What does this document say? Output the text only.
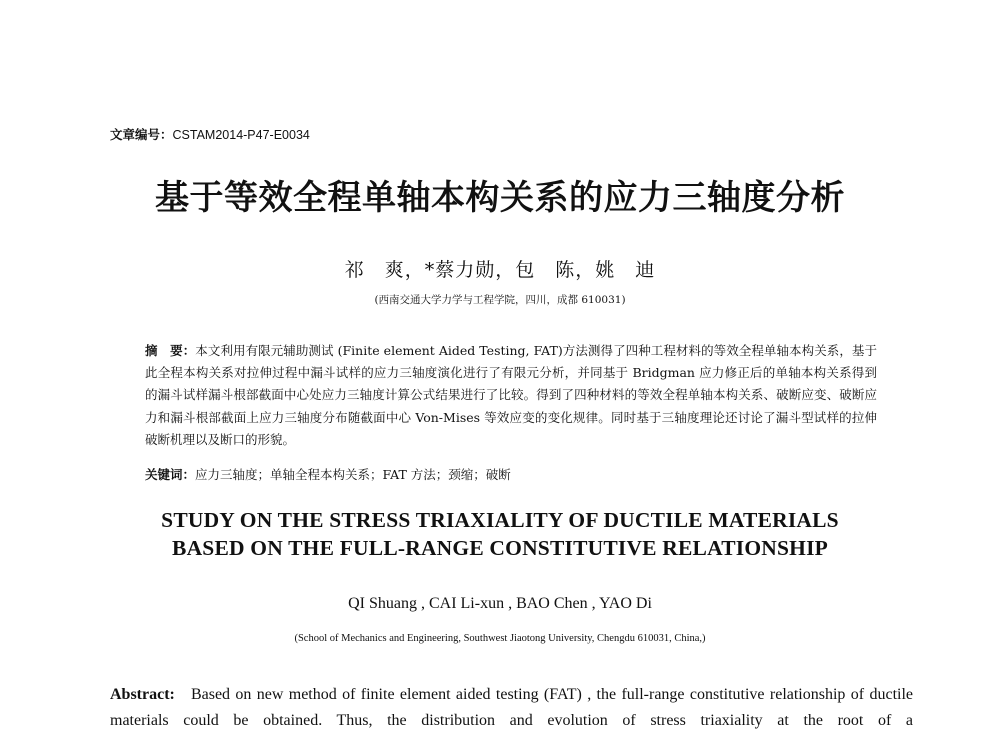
文章编号：CSTAM2014-P47-E0034
基于等效全程单轴本构关系的应力三轴度分析
祁　爽，*蔡力勋，包　陈，姚　迪
(西南交通大学力学与工程学院，四川，成都 610031)
摘　要：本文利用有限元辅助测试 (Finite element Aided Testing, FAT)方法测得了四种工程材料的等效全程单轴本构关系，基于此全程本构关系对拉伸过程中漏斗试样的应力三轴度演化进行了有限元分析，并同基于 Bridgman 应力修正后的单轴本构关系得到的漏斗试样漏斗根部截面中心处应力三轴度计算公式结果进行了比较。得到了四种材料的等效全程单轴本构关系、破断应变、破断应力和漏斗根部截面上应力三轴度分布随截面中心 Von-Mises 等效应变的变化规律。同时基于三轴度理论还讨论了漏斗型试样的拉伸破断机理以及断口的形貌。
关键词：应力三轴度；单轴全程本构关系；FAT 方法；颈缩；破断
STUDY ON THE STRESS TRIAXIALITY OF DUCTILE MATERIALS
BASED ON THE FULL-RANGE CONSTITUTIVE RELATIONSHIP
QI Shuang , CAI Li-xun , BAO Chen , YAO Di
(School of Mechanics and Engineering, Southwest Jiaotong University, Chengdu 610031, China,)
Abstract: Based on new method of finite element aided testing (FAT) , the full-range constitutive relationship of ductile materials could be obtained. Thus, the distribution and evolution of stress triaxiality at the root of a
